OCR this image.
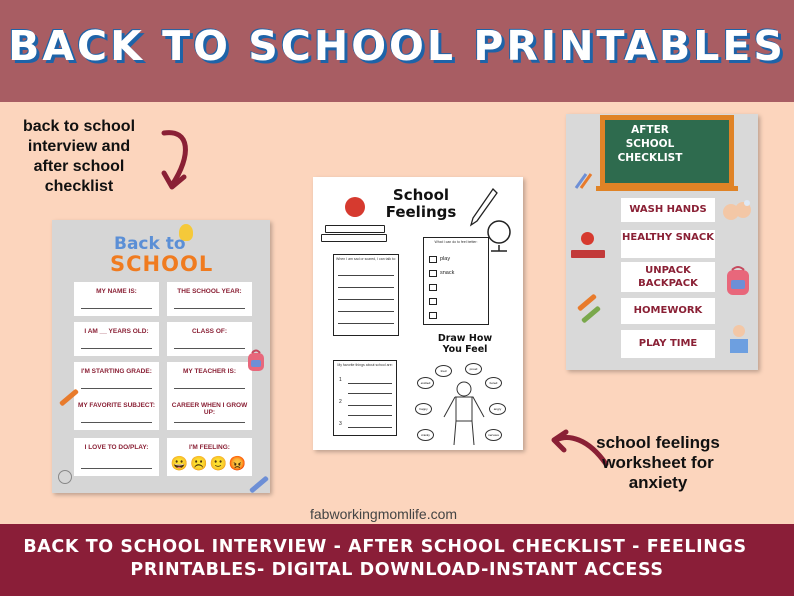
BACK TO SCHOOL PRINTABLES
back to school interview and after school checklist
Back to
SCHOOL
MY NAME IS:	THE SCHOOL YEAR:
I AM __ YEARS OLD:	CLASS OF:
I'M STARTING GRADE:	MY TEACHER IS:
MY FAVORITE SUBJECT:	CAREER WHEN I GROW UP:
I LOVE TO DO/PLAY:	I'M FEELING:
😀☹️🙂😡
School
Feelings
When I am sad or scared, I can talk to:
What I can do to feel better:
play
snack
Draw How
You Feel
My favorite things about school are:
1
2
3
tired	proud
excited	bored
happy	angry
cranky	nervous
AFTER SCHOOL CHECKLIST
WASH HANDS
HEALTHY SNACK
UNPACK BACKPACK
HOMEWORK
PLAY TIME
school feelings worksheet for anxiety
fabworkingmomlife.com
BACK TO SCHOOL INTERVIEW - AFTER SCHOOL CHECKLIST - FEELINGS
PRINTABLES- DIGITAL DOWNLOAD-INSTANT ACCESS
